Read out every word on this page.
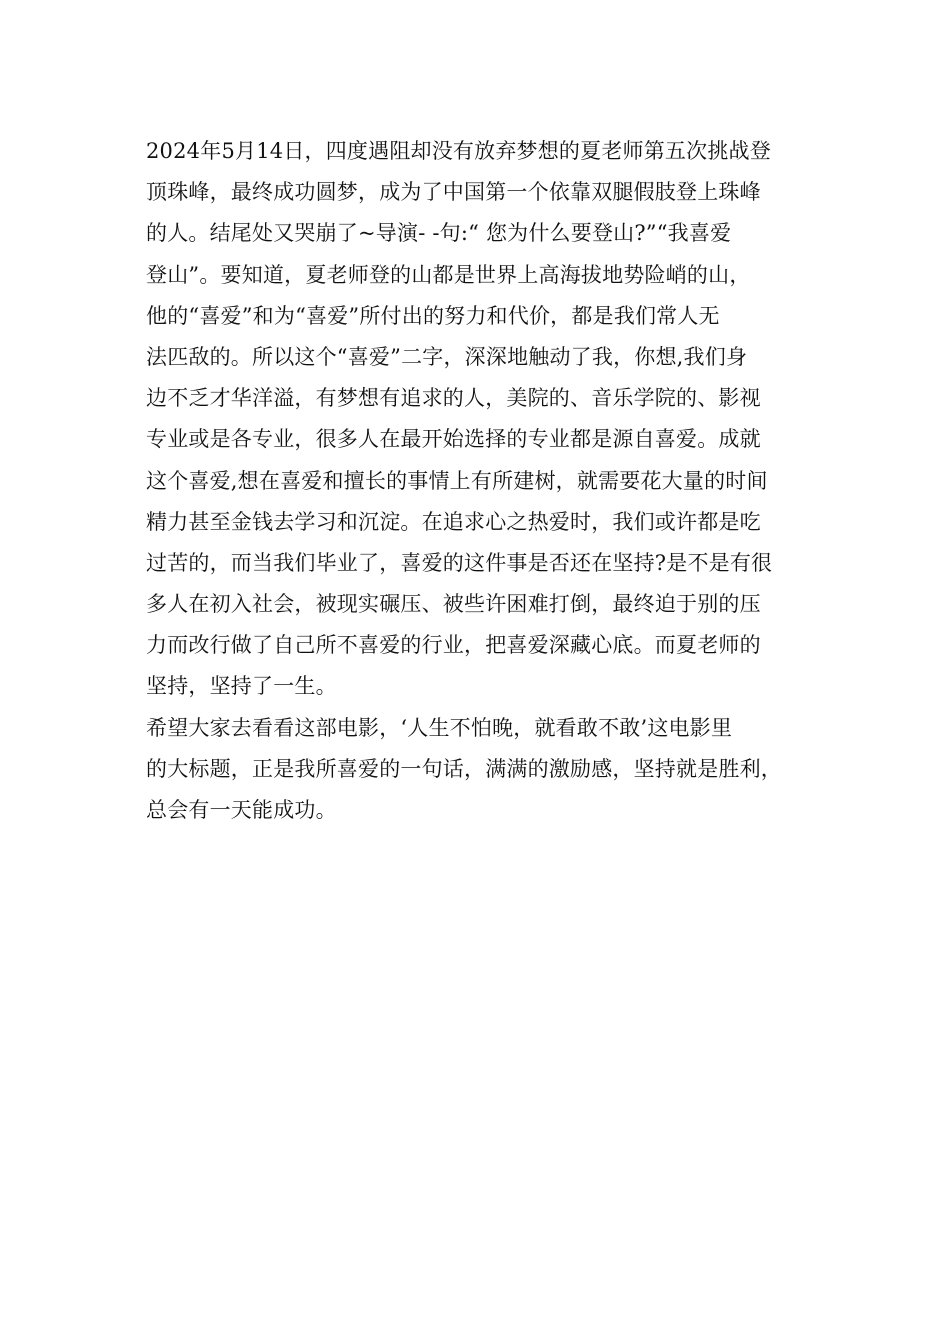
2024年5月14日，四度遇阻却没有放弃梦想的夏老师第五次挑战登
顶珠峰，最终成功圆梦，成为了中国第一个依靠双腿假肢登上珠峰
的人。结尾处又哭崩了~导演- -句:“ 您为什么要登山?”“我喜爱
登山”。要知道，夏老师登的山都是世界上高海拔地势险峭的山，
他的“喜爱”和为“喜爱”所付出的努力和代价，都是我们常人无
法匹敌的。所以这个“喜爱”二字，深深地触动了我，你想,我们身
边不乏才华洋溢，有梦想有追求的人，美院的、音乐学院的、影视
专业或是各专业，很多人在最开始选择的专业都是源自喜爱。成就
这个喜爱,想在喜爱和擅长的事情上有所建树，就需要花大量的时间
精力甚至金钱去学习和沉淀。在追求心之热爱时，我们或许都是吃
过苦的，而当我们毕业了，喜爱的这件事是否还在坚持?是不是有很
多人在初入社会，被现实碾压、被些许困难打倒，最终迫于别的压
力而改行做了自己所不喜爱的行业，把喜爱深藏心底。而夏老师的
坚持，坚持了一生。
希望大家去看看这部电影，‘人生不怕晚，就看敢不敢’这电影里
的大标题，正是我所喜爱的一句话，满满的激励感，坚持就是胜利，
总会有一天能成功。
